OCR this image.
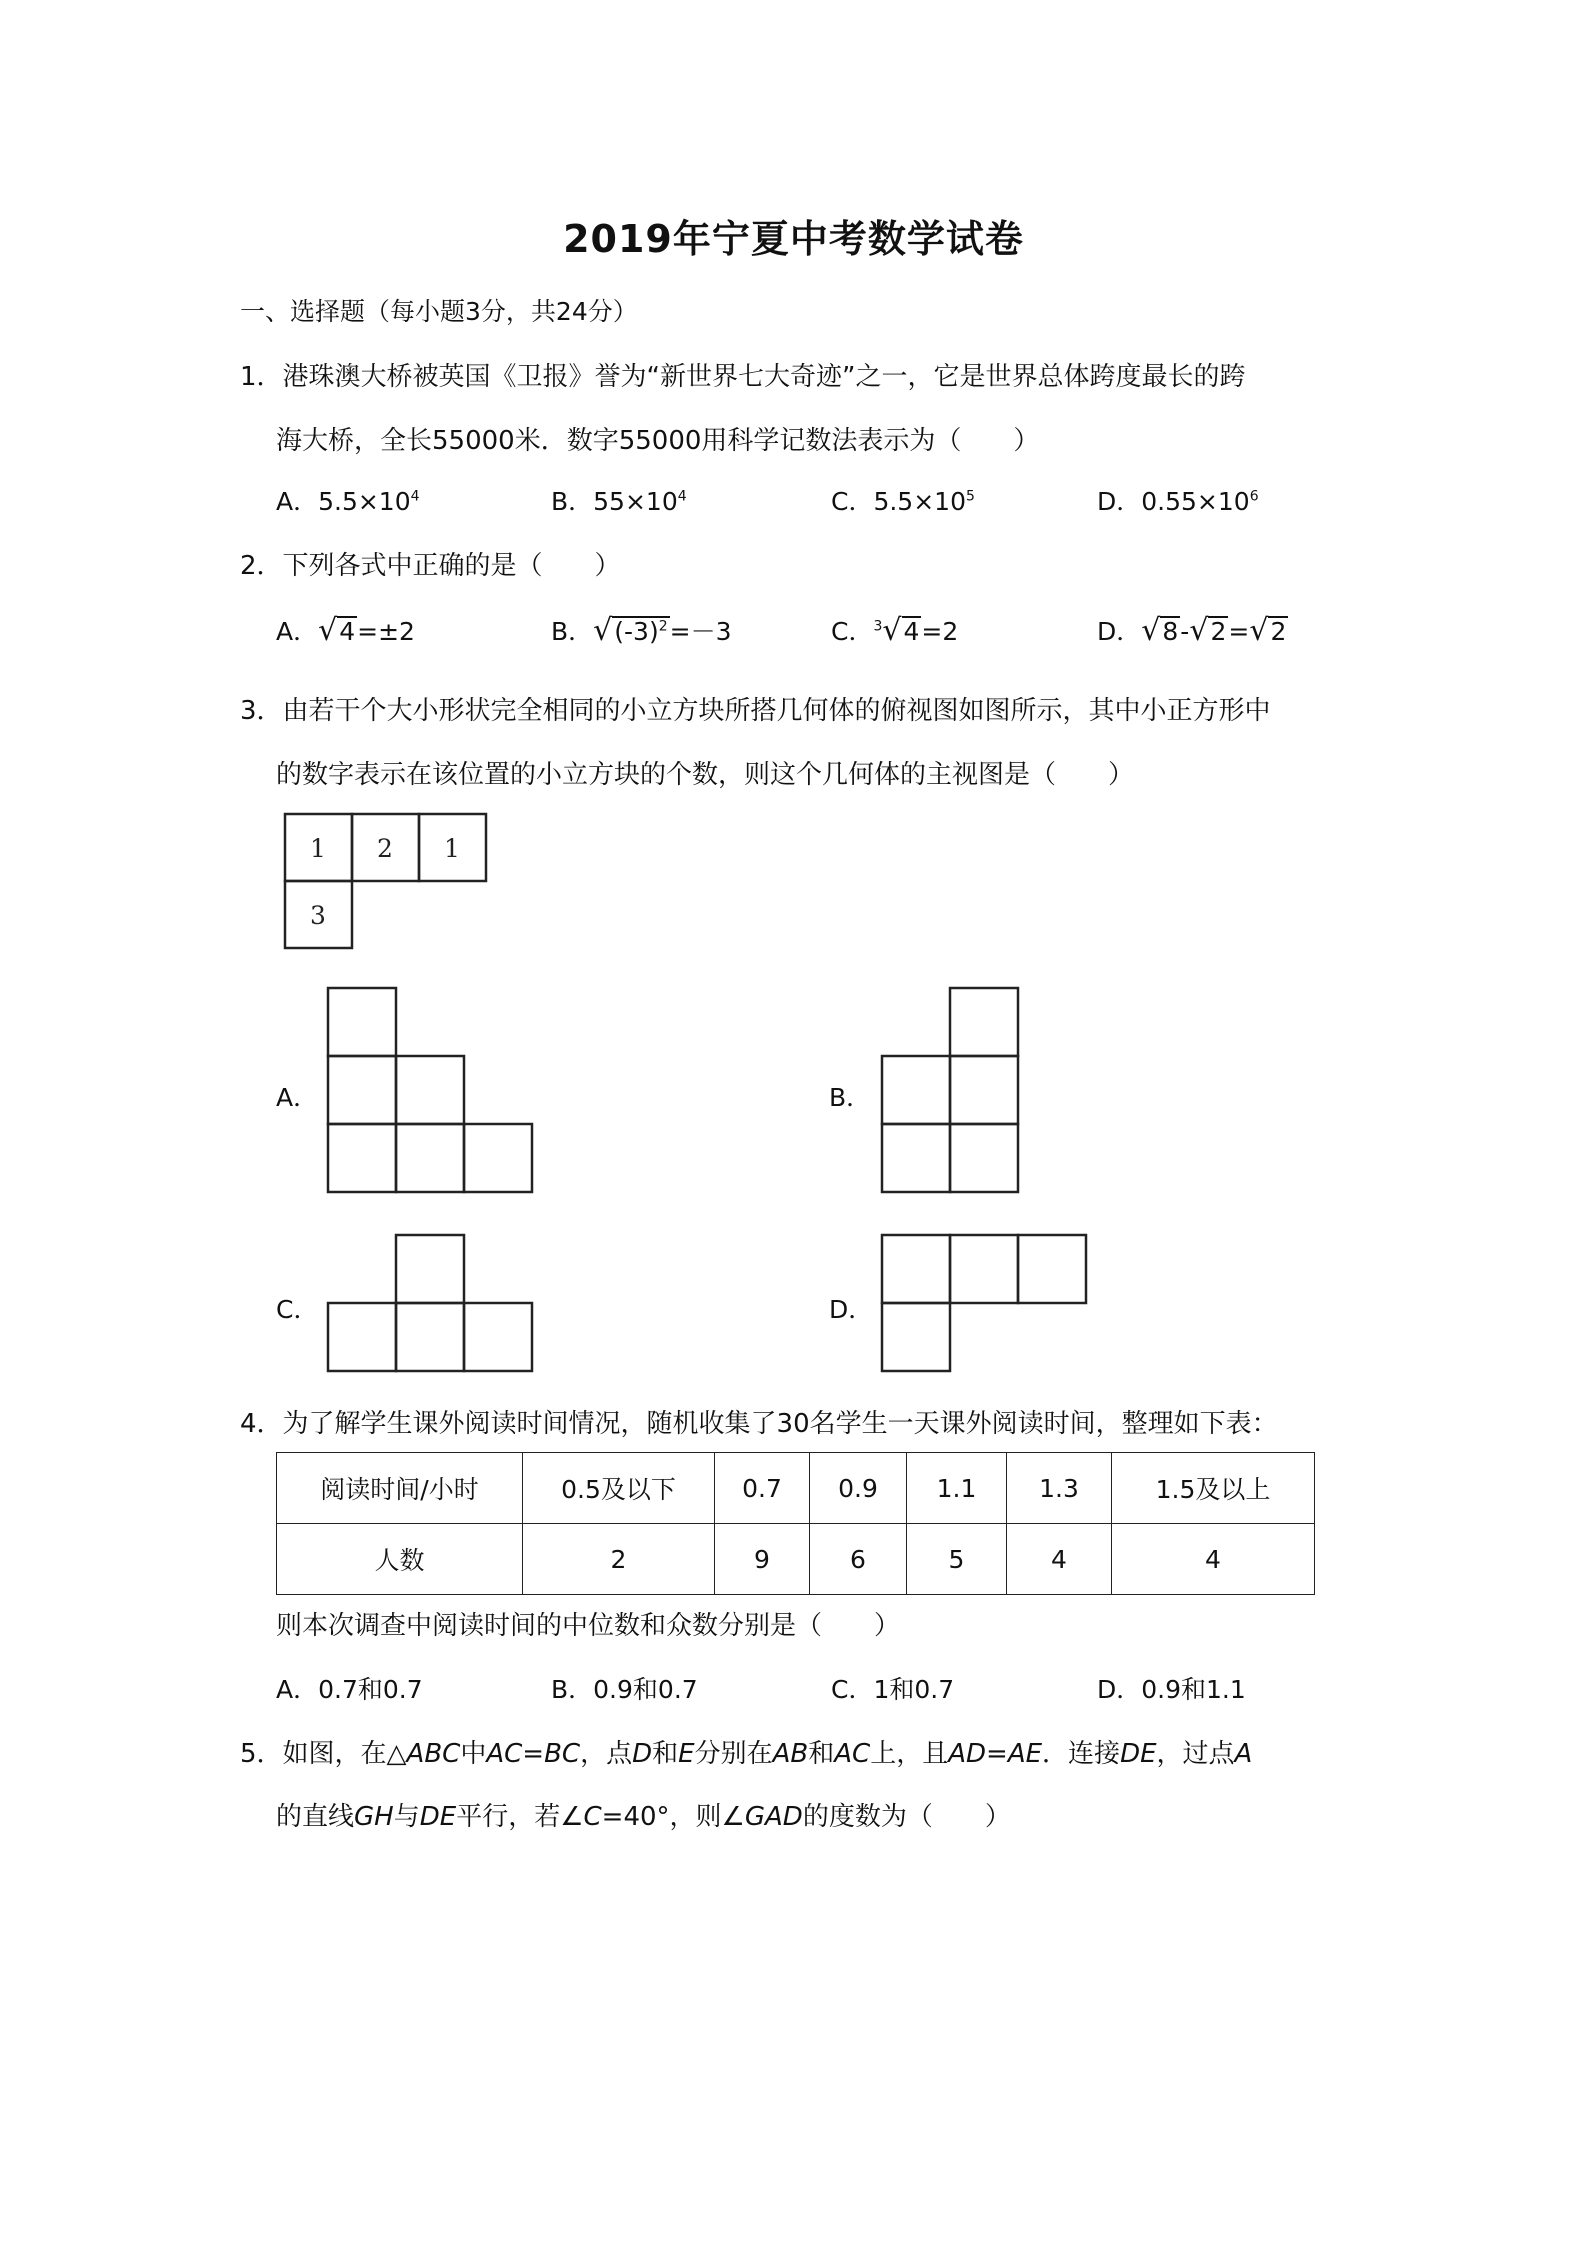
2019年宁夏中考数学试卷
一、选择题（每小题3分，共24分）
1．港珠澳大桥被英国《卫报》誉为“新世界七大奇迹”之一，它是世界总体跨度最长的跨
海大桥，全长55000米．数字55000用科学记数法表示为（　　）
A．$5.5\times 10^4$	B．$55\times 10^4$	C．$5.5\times 10^5$	D．$0.55\times 10^6$
2．下列各式中正确的是（　　）
A．√4=±2	B．$√(-3)^2=-3$	C．$^3$√4=2	D．√8-√2=√2
3．由若干个大小形状完全相同的小立方块所搭几何体的俯视图如图所示，其中小正方形中
的数字表示在该位置的小立方块的个数，则这个几何体的主视图是（　　）
1 2 1
3
A．	B．
C．	D．
4．为了解学生课外阅读时间情况，随机收集了30名学生一天课外阅读时间，整理如下表：
阅读时间/小时	0.5及以下	0.7	0.9	1.1	1.3	1.5及以上
人数	2	9	6	5	4	4
则本次调查中阅读时间的中位数和众数分别是（　　）
A．0.7和0.7	B．0.9和0.7	C．1和0.7	D．0.9和1.1
5．如图，在△ABC中AC=BC，点D和E分别在AB和AC上，且AD=AE．连接DE，过点A
的直线GH与DE平行，若∠C=40°，则∠GAD的度数为（　　）
